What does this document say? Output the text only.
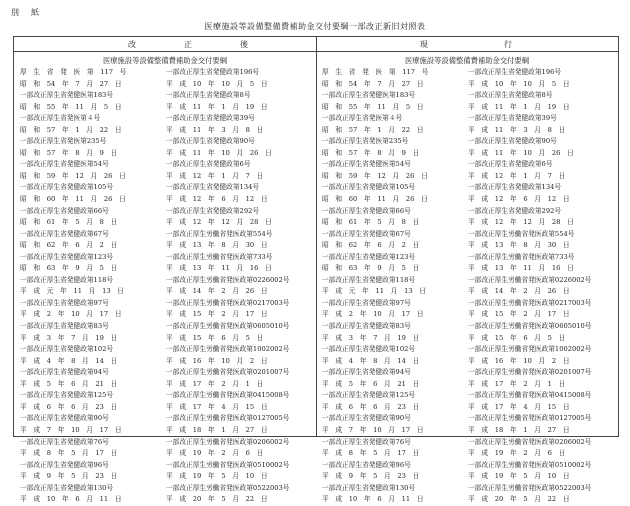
別　紙
医療施設等設備整備費補助金交付要綱一部改正新旧対照表
改　正　後	現　　行
医療施設等設備整備費補助金交付要綱
厚　生　省　発　医　第　117　号
昭　和　54　年　7　月　27　日
一部改正厚生省発健医第183号
昭　和　55　年　11　月　5　日
一部改正厚生省発医第４号
昭　和　57　年　1　月　22　日
一部改正厚生省発医第235号
昭　和　57　年　8　月　9　日
一部改正厚生省発健医第54号
昭　和　59　年　12　月　26　日
一部改正厚生省発健政第105号
昭　和　60　年　11　月　26　日
一部改正厚生省発健政第66号
昭　和　61　年　5　月　8　日
一部改正厚生省発健政第67号
昭　和　62　年　6　月　2　日
一部改正厚生省発健政第123号
昭　和　63　年　9　月　5　日
一部改正厚生省発健政第118号
平　成　元　年　11　月　13　日
一部改正厚生省発健政第97号
平　成　2　年　10　月　17　日
一部改正厚生省発健政第83号
平　成　3　年　7　月　19　日
一部改正厚生省発健政第102号
平　成　4　年　8　月　14　日
一部改正厚生省発健政第94号
平　成　5　年　6　月　21　日
一部改正厚生省発健政第125号
平　成　6　年　6　月　23　日
一部改正厚生省発健政第90号
平　成　7　年　10　月　17　日
一部改正厚生省発健政第76号
平　成　8　年　5　月　17　日
一部改正厚生省発健政第96号
平　成　9　年　5　月　23　日
一部改正厚生省発健政第130号
平　成　10　年　6　月　11　日
一部改正厚生省発健政第196号
平　成　10　年　10　月　5　日
一部改正厚生省発健政第8号
平　成　11　年　1　月　19　日
一部改正厚生省発健政第39号
平　成　11　年　3　月　8　日
一部改正厚生省発健政第90号
平　成　11　年　10　月　26　日
一部改正厚生省発健政第6号
平　成　12　年　1　月　7　日
一部改正厚生省発健政第134号
平　成　12　年　6　月　12　日
一部改正厚生省発健政第292号
平　成　12　年　12　月　28　日
一部改正厚生労働省発医政第554号
平　成　13　年　8　月　30　日
一部改正厚生労働省発医政第733号
平　成　13　年　11　月　16　日
一部改正厚生労働省発医政第0226002号
平　成　14　年　2　月　26　日
一部改正厚生労働省発医政第0217003号
平　成　15　年　2　月　17　日
一部改正厚生労働省発医政第0605010号
平　成　15　年　6　月　5　日
一部改正厚生労働省発医政第1002002号
平　成　16　年　10　月　2　日
一部改正厚生労働省発医政第0201007号
平　成　17　年　2　月　1　日
一部改正厚生労働省発医政第0415008号
平　成　17　年　4　月　15　日
一部改正厚生労働省発医政第0127005号
平　成　18　年　1　月　27　日
一部改正厚生労働省発医政第0206002号
平　成　19　年　2　月　6　日
一部改正厚生労働省発医政第0510002号
平　成　19　年　5　月　10　日
一部改正厚生労働省発医政第0522003号
平　成　20　年　5　月　22　日
医療施設等設備整備費補助金交付要綱
厚　生　省　発　医　第　117　号
昭　和　54　年　7　月　27　日
一部改正厚生省発健医第183号
昭　和　55　年　11　月　5　日
一部改正厚生省発医第４号
昭　和　57　年　1　月　22　日
一部改正厚生省発医第235号
昭　和　57　年　8　月　9　日
一部改正厚生省発健医第54号
昭　和　59　年　12　月　26　日
一部改正厚生省発健政第105号
昭　和　60　年　11　月　26　日
一部改正厚生省発健政第66号
昭　和　61　年　5　月　8　日
一部改正厚生省発健政第67号
昭　和　62　年　6　月　2　日
一部改正厚生省発健政第123号
昭　和　63　年　9　月　5　日
一部改正厚生省発健政第118号
平　成　元　年　11　月　13　日
一部改正厚生省発健政第97号
平　成　2　年　10　月　17　日
一部改正厚生省発健政第83号
平　成　3　年　7　月　19　日
一部改正厚生省発健政第102号
平　成　4　年　8　月　14　日
一部改正厚生省発健政第94号
平　成　5　年　6　月　21　日
一部改正厚生省発健政第125号
平　成　6　年　6　月　23　日
一部改正厚生省発健政第90号
平　成　7　年　10　月　17　日
一部改正厚生省発健政第76号
平　成　8　年　5　月　17　日
一部改正厚生省発健政第96号
平　成　9　年　5　月　23　日
一部改正厚生省発健政第130号
平　成　10　年　6　月　11　日
一部改正厚生省発健政第196号
平　成　10　年　10　月　5　日
一部改正厚生省発健政第8号
平　成　11　年　1　月　19　日
一部改正厚生省発健政第39号
平　成　11　年　3　月　8　日
一部改正厚生省発健政第90号
平　成　11　年　10　月　26　日
一部改正厚生省発健政第6号
平　成　12　年　1　月　7　日
一部改正厚生省発健政第134号
平　成　12　年　6　月　12　日
一部改正厚生省発健政第292号
平　成　12　年　12　月　28　日
一部改正厚生労働省発医政第554号
平　成　13　年　8　月　30　日
一部改正厚生労働省発医政第733号
平　成　13　年　11　月　16　日
一部改正厚生労働省発医政第0226002号
平　成　14　年　2　月　26　日
一部改正厚生労働省発医政第0217003号
平　成　15　年　2　月　17　日
一部改正厚生労働省発医政第0605010号
平　成　15　年　6　月　5　日
一部改正厚生労働省発医政第1002002号
平　成　16　年　10　月　2　日
一部改正厚生労働省発医政第0201007号
平　成　17　年　2　月　1　日
一部改正厚生労働省発医政第0415008号
平　成　17　年　4　月　15　日
一部改正厚生労働省発医政第0127005号
平　成　18　年　1　月　27　日
一部改正厚生労働省発医政第0206002号
平　成　19　年　2　月　6　日
一部改正厚生労働省発医政第0510002号
平　成　19　年　5　月　10　日
一部改正厚生労働省発医政第0522003号
平　成　20　年　5　月　22　日
